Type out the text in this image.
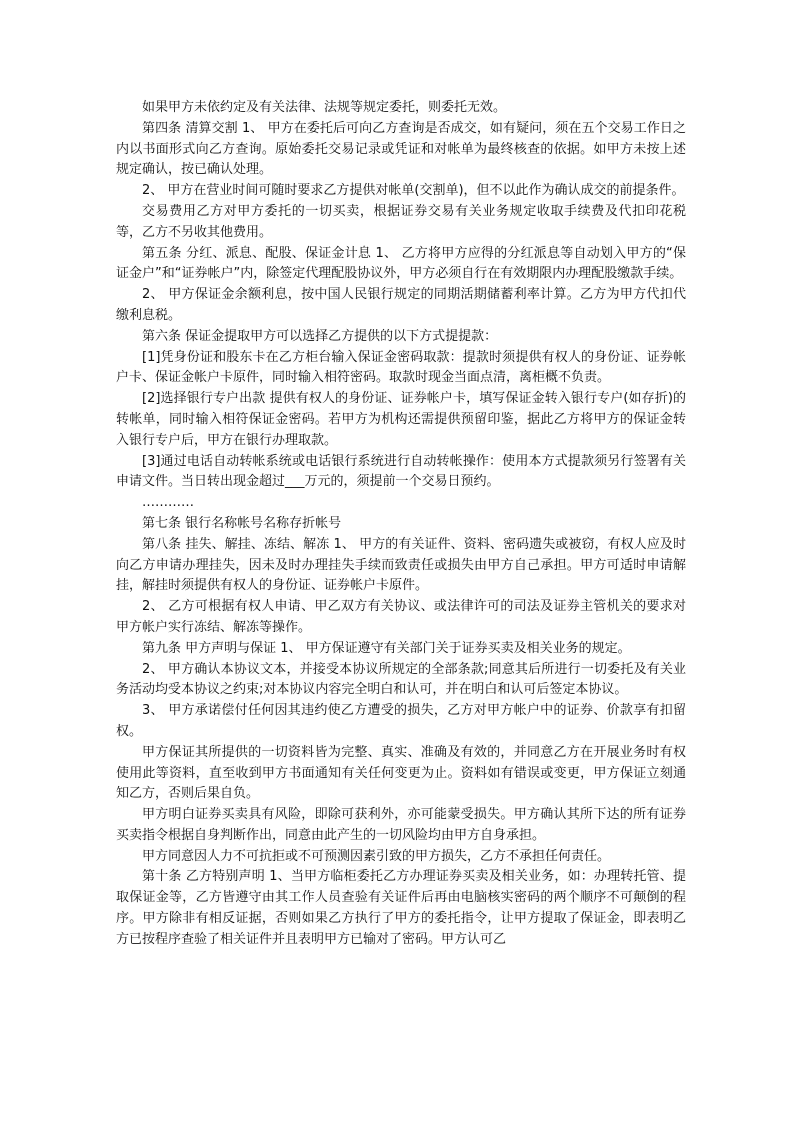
如果甲方未依约定及有关法律、法规等规定委托，则委托无效。

第四条 清算交割 1、 甲方在委托后可向乙方查询是否成交，如有疑问，须在五个交易工作日之内以书面形式向乙方查询。原始委托交易记录或凭证和对帐单为最终核查的依据。如甲方未按上述规定确认，按已确认处理。

2、 甲方在营业时间可随时要求乙方提供对帐单(交割单)，但不以此作为确认成交的前提条件。

交易费用乙方对甲方委托的一切买卖，根据证券交易有关业务规定收取手续费及代扣印花税等，乙方不另收其他费用。

第五条 分红、派息、配股、保证金计息 1、 乙方将甲方应得的分红派息等自动划入甲方的“保证金户”和“证券帐户”内，除签定代理配股协议外，甲方必须自行在有效期限内办理配股缴款手续。

2、 甲方保证金余额利息，按中国人民银行规定的同期活期储蓄利率计算。乙方为甲方代扣代缴利息税。

第六条 保证金提取甲方可以选择乙方提供的以下方式提提款：

[1]凭身份证和股东卡在乙方柜台输入保证金密码取款：提款时须提供有权人的身份证、证券帐户卡、保证金帐户卡原件，同时输入相符密码。取款时现金当面点清，离柜概不负责。

[2]选择银行专户出款 提供有权人的身份证、证券帐户卡，填写保证金转入银行专户(如存折)的转帐单，同时输入相符保证金密码。若甲方为机构还需提供预留印鉴，据此乙方将甲方的保证金转入银行专户后，甲方在银行办理取款。

[3]通过电话自动转帐系统或电话银行系统进行自动转帐操作：使用本方式提款须另行签署有关申请文件。当日转出现金超过___万元的，须提前一个交易日预约。

…………

第七条 银行名称帐号名称存折帐号

第八条 挂失、解挂、冻结、解冻 1、 甲方的有关证件、资料、密码遗失或被窃，有权人应及时向乙方申请办理挂失，因未及时办理挂失手续而致责任或损失由甲方自己承担。甲方可适时申请解挂，解挂时须提供有权人的身份证、证券帐户卡原件。

2、 乙方可根据有权人申请、甲乙双方有关协议、或法律许可的司法及证券主管机关的要求对甲方帐户实行冻结、解冻等操作。

第九条 甲方声明与保证 1、 甲方保证遵守有关部门关于证券买卖及相关业务的规定。

2、 甲方确认本协议文本，并接受本协议所规定的全部条款;同意其后所进行一切委托及有关业务活动均受本协议之约束;对本协议内容完全明白和认可，并在明白和认可后签定本协议。

3、 甲方承诺偿付任何因其违约使乙方遭受的损失，乙方对甲方帐户中的证券、价款享有扣留权。

甲方保证其所提供的一切资料皆为完整、真实、准确及有效的，并同意乙方在开展业务时有权使用此等资料，直至收到甲方书面通知有关任何变更为止。资料如有错误或变更，甲方保证立刻通知乙方，否则后果自负。

甲方明白证券买卖具有风险，即除可获利外，亦可能蒙受损失。甲方确认其所下达的所有证券买卖指令根据自身判断作出，同意由此产生的一切风险均由甲方自身承担。

甲方同意因人力不可抗拒或不可预测因素引致的甲方损失，乙方不承担任何责任。

第十条 乙方特别声明 1、当甲方临柜委托乙方办理证券买卖及相关业务，如：办理转托管、提取保证金等，乙方皆遵守由其工作人员查验有关证件后再由电脑核实密码的两个顺序不可颠倒的程序。甲方除非有相反证据，否则如果乙方执行了甲方的委托指令，让甲方提取了保证金，即表明乙方已按程序查验了相关证件并且表明甲方已输对了密码。甲方认可乙
